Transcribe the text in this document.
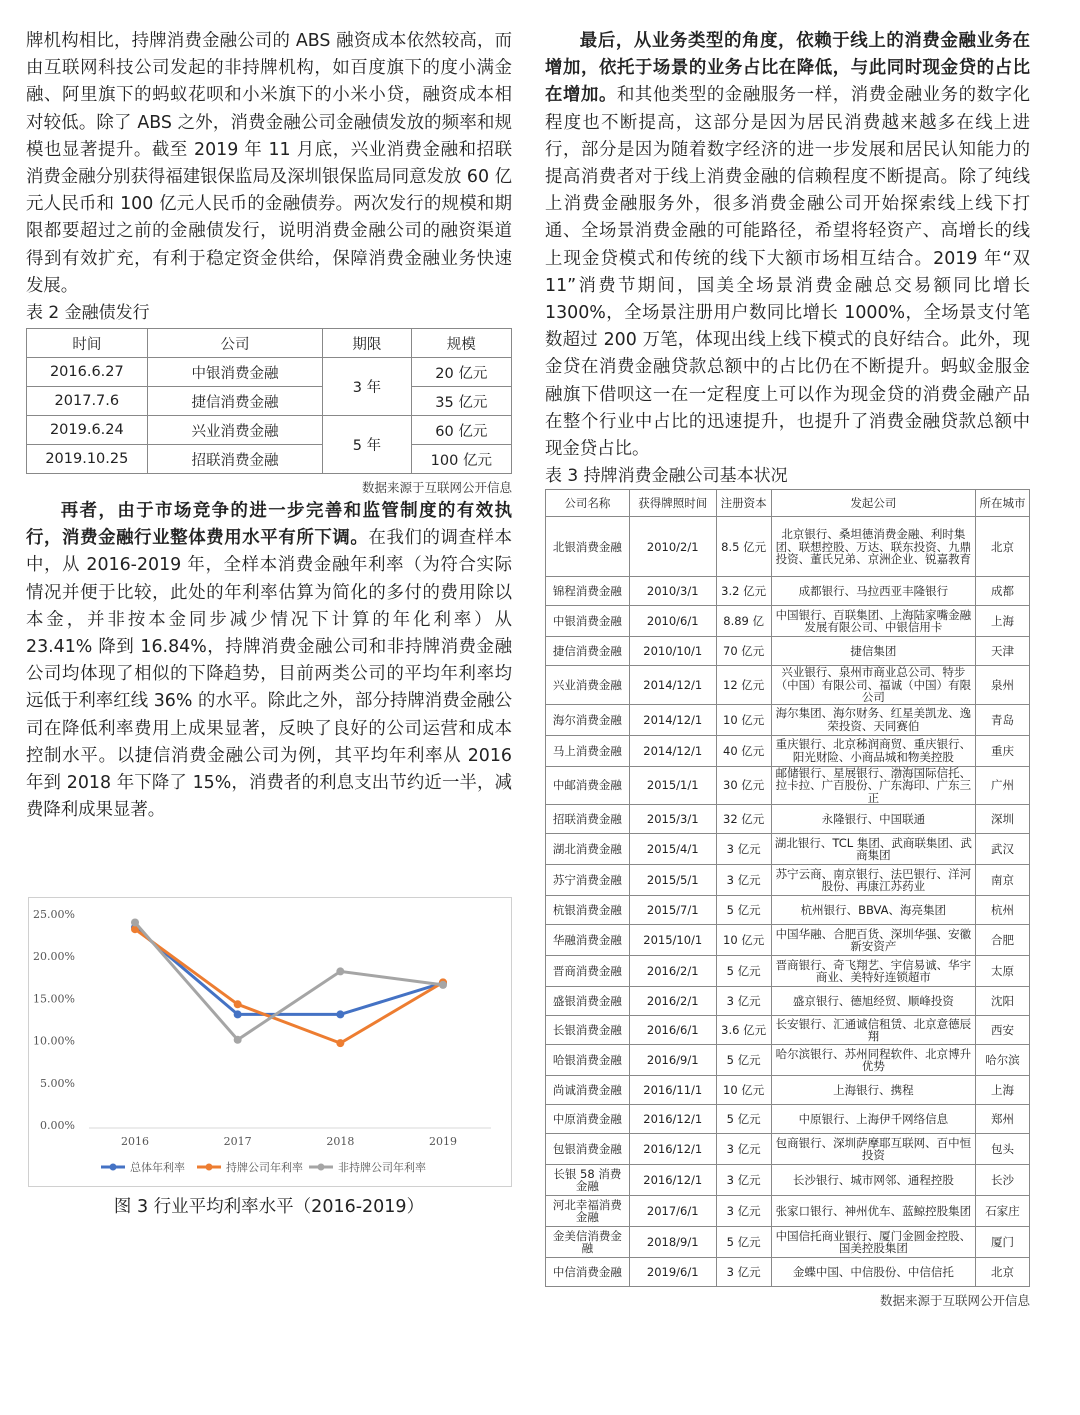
牌机构相比，持牌消费金融公司的 ABS 融资成本依然较高，而由互联网科技公司发起的非持牌机构，如百度旗下的度小满金融、阿里旗下的蚂蚁花呗和小米旗下的小米小贷，融资成本相对较低。除了 ABS 之外，消费金融公司金融债发放的频率和规模也显著提升。截至 2019 年 11 月底，兴业消费金融和招联消费金融分别获得福建银保监局及深圳银保监局同意发放 60 亿元人民币和 100 亿元人民币的金融债券。两次发行的规模和期限都要超过之前的金融债发行，说明消费金融公司的融资渠道得到有效扩充，有利于稳定资金供给，保障消费金融业务快速发展。

表 2 金融债发行

时间	公司	期限	规模
2016.6.27	中银消费金融	3 年	20 亿元
2017.7.6	捷信消费金融		35 亿元
2019.6.24	兴业消费金融	5 年	60 亿元
2019.10.25	招联消费金融		100 亿元

数据来源于互联网公开信息

再者，由于市场竞争的进一步完善和监管制度的有效执行，消费金融行业整体费用水平有所下调。在我们的调查样本中，从 2016-2019 年，全样本消费金融年利率（为符合实际情况并便于比较，此处的年利率估算为简化的多付的费用除以本金，并非按本金同步减少情况下计算的年化利率）从 23.41% 降到 16.84%，持牌消费金融公司和非持牌消费金融公司均体现了相似的下降趋势，目前两类公司的平均年利率均远低于利率红线 36% 的水平。除此之外，部分持牌消费金融公司在降低利率费用上成果显著，反映了良好的公司运营和成本控制水平。以捷信消费金融公司为例，其平均年利率从 2016 年到 2018 年下降了 15%，消费者的利息支出节约近一半，减费降利成果显著。

0.00%
5.00%
10.00%
15.00%
20.00%
25.00%
2016	2017	2018	2019
总体年利率	持牌公司年利率	非持牌公司年利率
图 3 行业平均利率水平（2016-2019）

最后，从业务类型的角度，依赖于线上的消费金融业务在增加，依托于场景的业务占比在降低，与此同时现金贷的占比在增加。和其他类型的金融服务一样，消费金融业务的数字化程度也不断提高，这部分是因为居民消费越来越多在线上进行，部分是因为随着数字经济的进一步发展和居民认知能力的提高消费者对于线上消费金融的信赖程度不断提高。除了纯线上消费金融服务外，很多消费金融公司开始探索线上线下打通、全场景消费金融的可能路径，希望将轻资产、高增长的线上现金贷模式和传统的线下大额市场相互结合。2019 年“双 11”消费节期间，国美全场景消费金融总交易额同比增长 1300%，全场景注册用户数同比增长 1000%，全场景支付笔数超过 200 万笔，体现出线上线下模式的良好结合。此外，现金贷在消费金融贷款总额中的占比仍在不断提升。蚂蚁金服金融旗下借呗这一在一定程度上可以作为现金贷的消费金融产品在整个行业中占比的迅速提升，也提升了消费金融贷款总额中现金贷占比。

表 3 持牌消费金融公司基本状况

公司名称	获得牌照时间	注册资本	发起公司	所在城市
北银消费金融	2010/2/1	8.5 亿元	北京银行、桑坦德消费金融、利时集团、联想控股、万达、联东投资、九鼎投资、董氏兄弟、京洲企业、锐嘉教育	北京
锦程消费金融	2010/3/1	3.2 亿元	成都银行、马拉西亚丰隆银行	成都
中银消费金融	2010/6/1	8.89 亿	中国银行、百联集团、上海陆家嘴金融发展有限公司、中银信用卡	上海
捷信消费金融	2010/10/1	70 亿元	捷信集团	天津
兴业消费金融	2014/12/1	12 亿元	兴业银行、泉州市商业总公司、特步（中国）有限公司、福诚（中国）有限公司	泉州
海尔消费金融	2014/12/1	10 亿元	海尔集团、海尔财务、红星美凯龙、逸荣投资、天同赛伯	青岛
马上消费金融	2014/12/1	40 亿元	重庆银行、北京秭润商贸、重庆银行、阳光财险、小商品城和物美控股	重庆
中邮消费金融	2015/1/1	30 亿元	邮储银行、星展银行、渤海国际信托、拉卡拉、广百股份、广东海印、广东三正	广州
招联消费金融	2015/3/1	32 亿元	永隆银行、中国联通	深圳
湖北消费金融	2015/4/1	3 亿元	湖北银行、TCL 集团、武商联集团、武商集团	武汉
苏宁消费金融	2015/5/1	3 亿元	苏宁云商、南京银行、法巴银行、洋河股份、再康江苏药业	南京
杭银消费金融	2015/7/1	5 亿元	杭州银行、BBVA、海亮集团	杭州
华融消费金融	2015/10/1	10 亿元	中国华融、合肥百货、深圳华强、安徽新安资产	合肥
晋商消费金融	2016/2/1	5 亿元	晋商银行、奇飞翔艺、宇信易诚、华宇商业、美特好连锁超市	太原
盛银消费金融	2016/2/1	3 亿元	盛京银行、德旭经贸、顺峰投资	沈阳
长银消费金融	2016/6/1	3.6 亿元	长安银行、汇通诚信租赁、北京意德辰翔	西安
哈银消费金融	2016/9/1	5 亿元	哈尔滨银行、苏州同程软件、北京博升优势	哈尔滨
尚诚消费金融	2016/11/1	10 亿元	上海银行、携程	上海
中原消费金融	2016/12/1	5 亿元	中原银行、上海伊千网络信息	郑州
包银消费金融	2016/12/1	3 亿元	包商银行、深圳萨摩耶互联网、百中恒投资	包头
长银 58 消费金融	2016/12/1	3 亿元	长沙银行、城市网邻、通程控股	长沙
河北幸福消费金融	2017/6/1	3 亿元	张家口银行、神州优车、蓝鲸控股集团	石家庄
金美信消费金融	2018/9/1	5 亿元	中国信托商业银行、厦门金圆金控股、国美控股集团	厦门
中信消费金融	2019/6/1	3 亿元	金蝶中国、中信股份、中信信托	北京

数据来源于互联网公开信息
